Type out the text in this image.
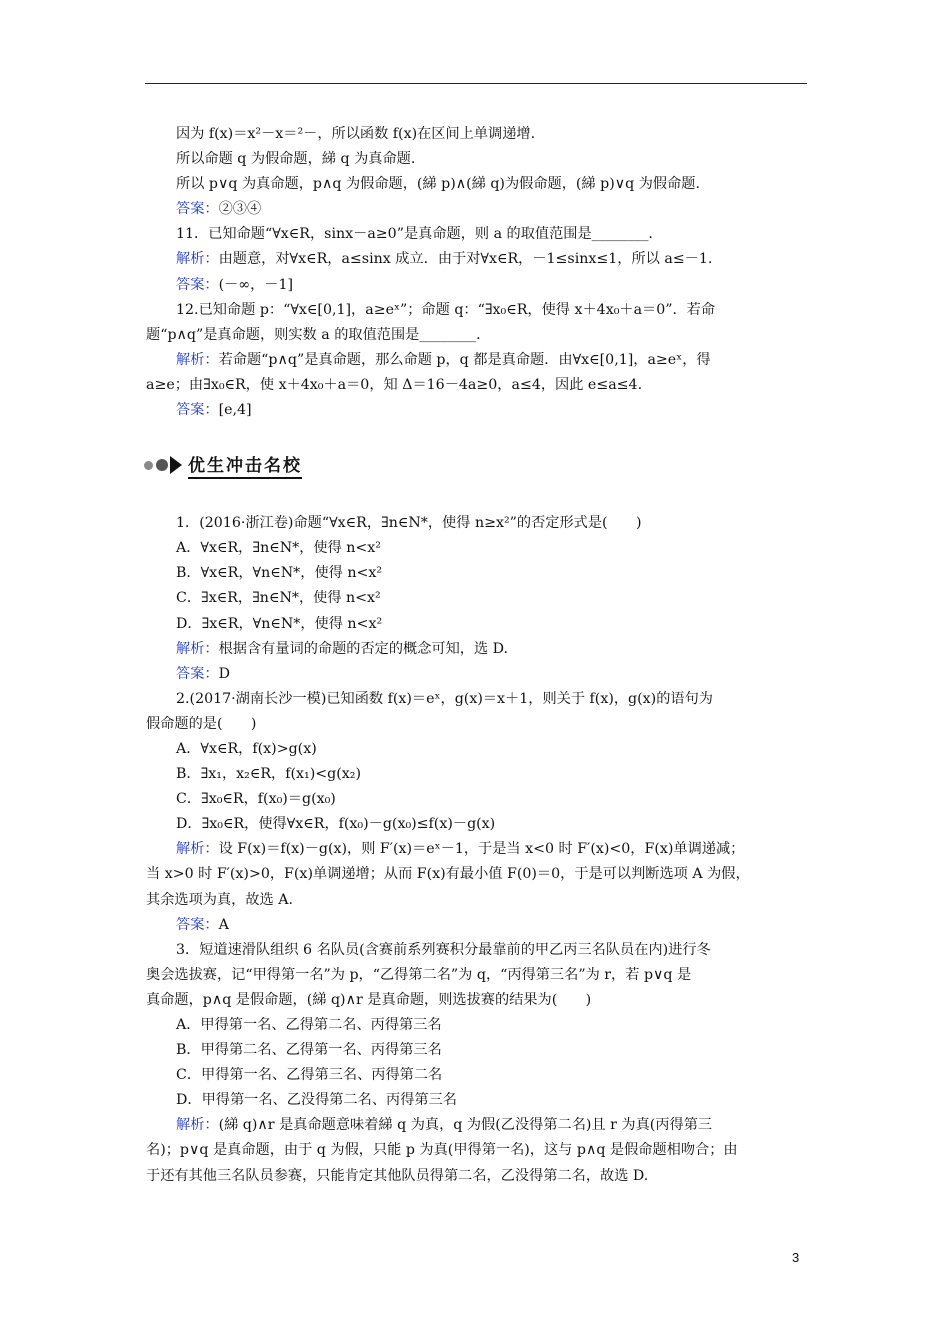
因为 f(x)＝x²－x＝²－，所以函数 f(x)在区间上单调递增.
所以命题 q 为假命题，綈 q 为真命题.
所以 p∨q 为真命题，p∧q 为假命题，(綈 p)∧(綈 q)为假命题，(綈 p)∨q 为假命题.
答案：②③④
11．已知命题“∀x∈R，sinx－a≥0”是真命题，则 a 的取值范围是________.
解析：由题意，对∀x∈R，a≤sinx 成立．由于对∀x∈R，－1≤sinx≤1，所以 a≤－1.
答案：(－∞，－1]
12.已知命题 p：“∀x∈[0,1]，a≥eˣ”；命题 q：“∃x₀∈R，使得 x＋4x₀＋a＝0”．若命
题“p∧q”是真命题，则实数 a 的取值范围是________.
解析：若命题“p∧q”是真命题，那么命题 p，q 都是真命题．由∀x∈[0,1]，a≥eˣ，得
a≥e；由∃x₀∈R，使 x＋4x₀＋a＝0，知 Δ＝16－4a≥0，a≤4，因此 e≤a≤4.
答案：[e,4]
优生冲击名校
1．(2016·浙江卷)命题“∀x∈R，∃n∈N*，使得 n≥x²”的否定形式是(　　)
A．∀x∈R，∃n∈N*，使得 n<x²
B．∀x∈R，∀n∈N*，使得 n<x²
C．∃x∈R，∃n∈N*，使得 n<x²
D．∃x∈R，∀n∈N*，使得 n<x²
解析：根据含有量词的命题的否定的概念可知，选 D.
答案：D
2.(2017·湖南长沙一模)已知函数 f(x)＝eˣ，g(x)＝x＋1，则关于 f(x)，g(x)的语句为
假命题的是(　　)
A．∀x∈R，f(x)>g(x)
B．∃x₁，x₂∈R，f(x₁)<g(x₂)
C．∃x₀∈R，f(x₀)＝g(x₀)
D．∃x₀∈R，使得∀x∈R，f(x₀)－g(x₀)≤f(x)－g(x)
解析：设 F(x)＝f(x)－g(x)，则 F′(x)＝eˣ－1，于是当 x<0 时 F′(x)<0，F(x)单调递减；
当 x>0 时 F′(x)>0，F(x)单调递增；从而 F(x)有最小值 F(0)＝0，于是可以判断选项 A 为假，
其余选项为真，故选 A.
答案：A
3．短道速滑队组织 6 名队员(含赛前系列赛积分最靠前的甲乙丙三名队员在内)进行冬
奥会选拔赛，记“甲得第一名”为 p，“乙得第二名”为 q，“丙得第三名”为 r，若 p∨q 是
真命题，p∧q 是假命题，(綈 q)∧r 是真命题，则选拔赛的结果为(　　)
A．甲得第一名、乙得第二名、丙得第三名
B．甲得第二名、乙得第一名、丙得第三名
C．甲得第一名、乙得第三名、丙得第二名
D．甲得第一名、乙没得第二名、丙得第三名
解析：(綈 q)∧r 是真命题意味着綈 q 为真，q 为假(乙没得第二名)且 r 为真(丙得第三
名)；p∨q 是真命题，由于 q 为假，只能 p 为真(甲得第一名)，这与 p∧q 是假命题相吻合；由
于还有其他三名队员参赛，只能肯定其他队员得第二名，乙没得第二名，故选 D.
3
